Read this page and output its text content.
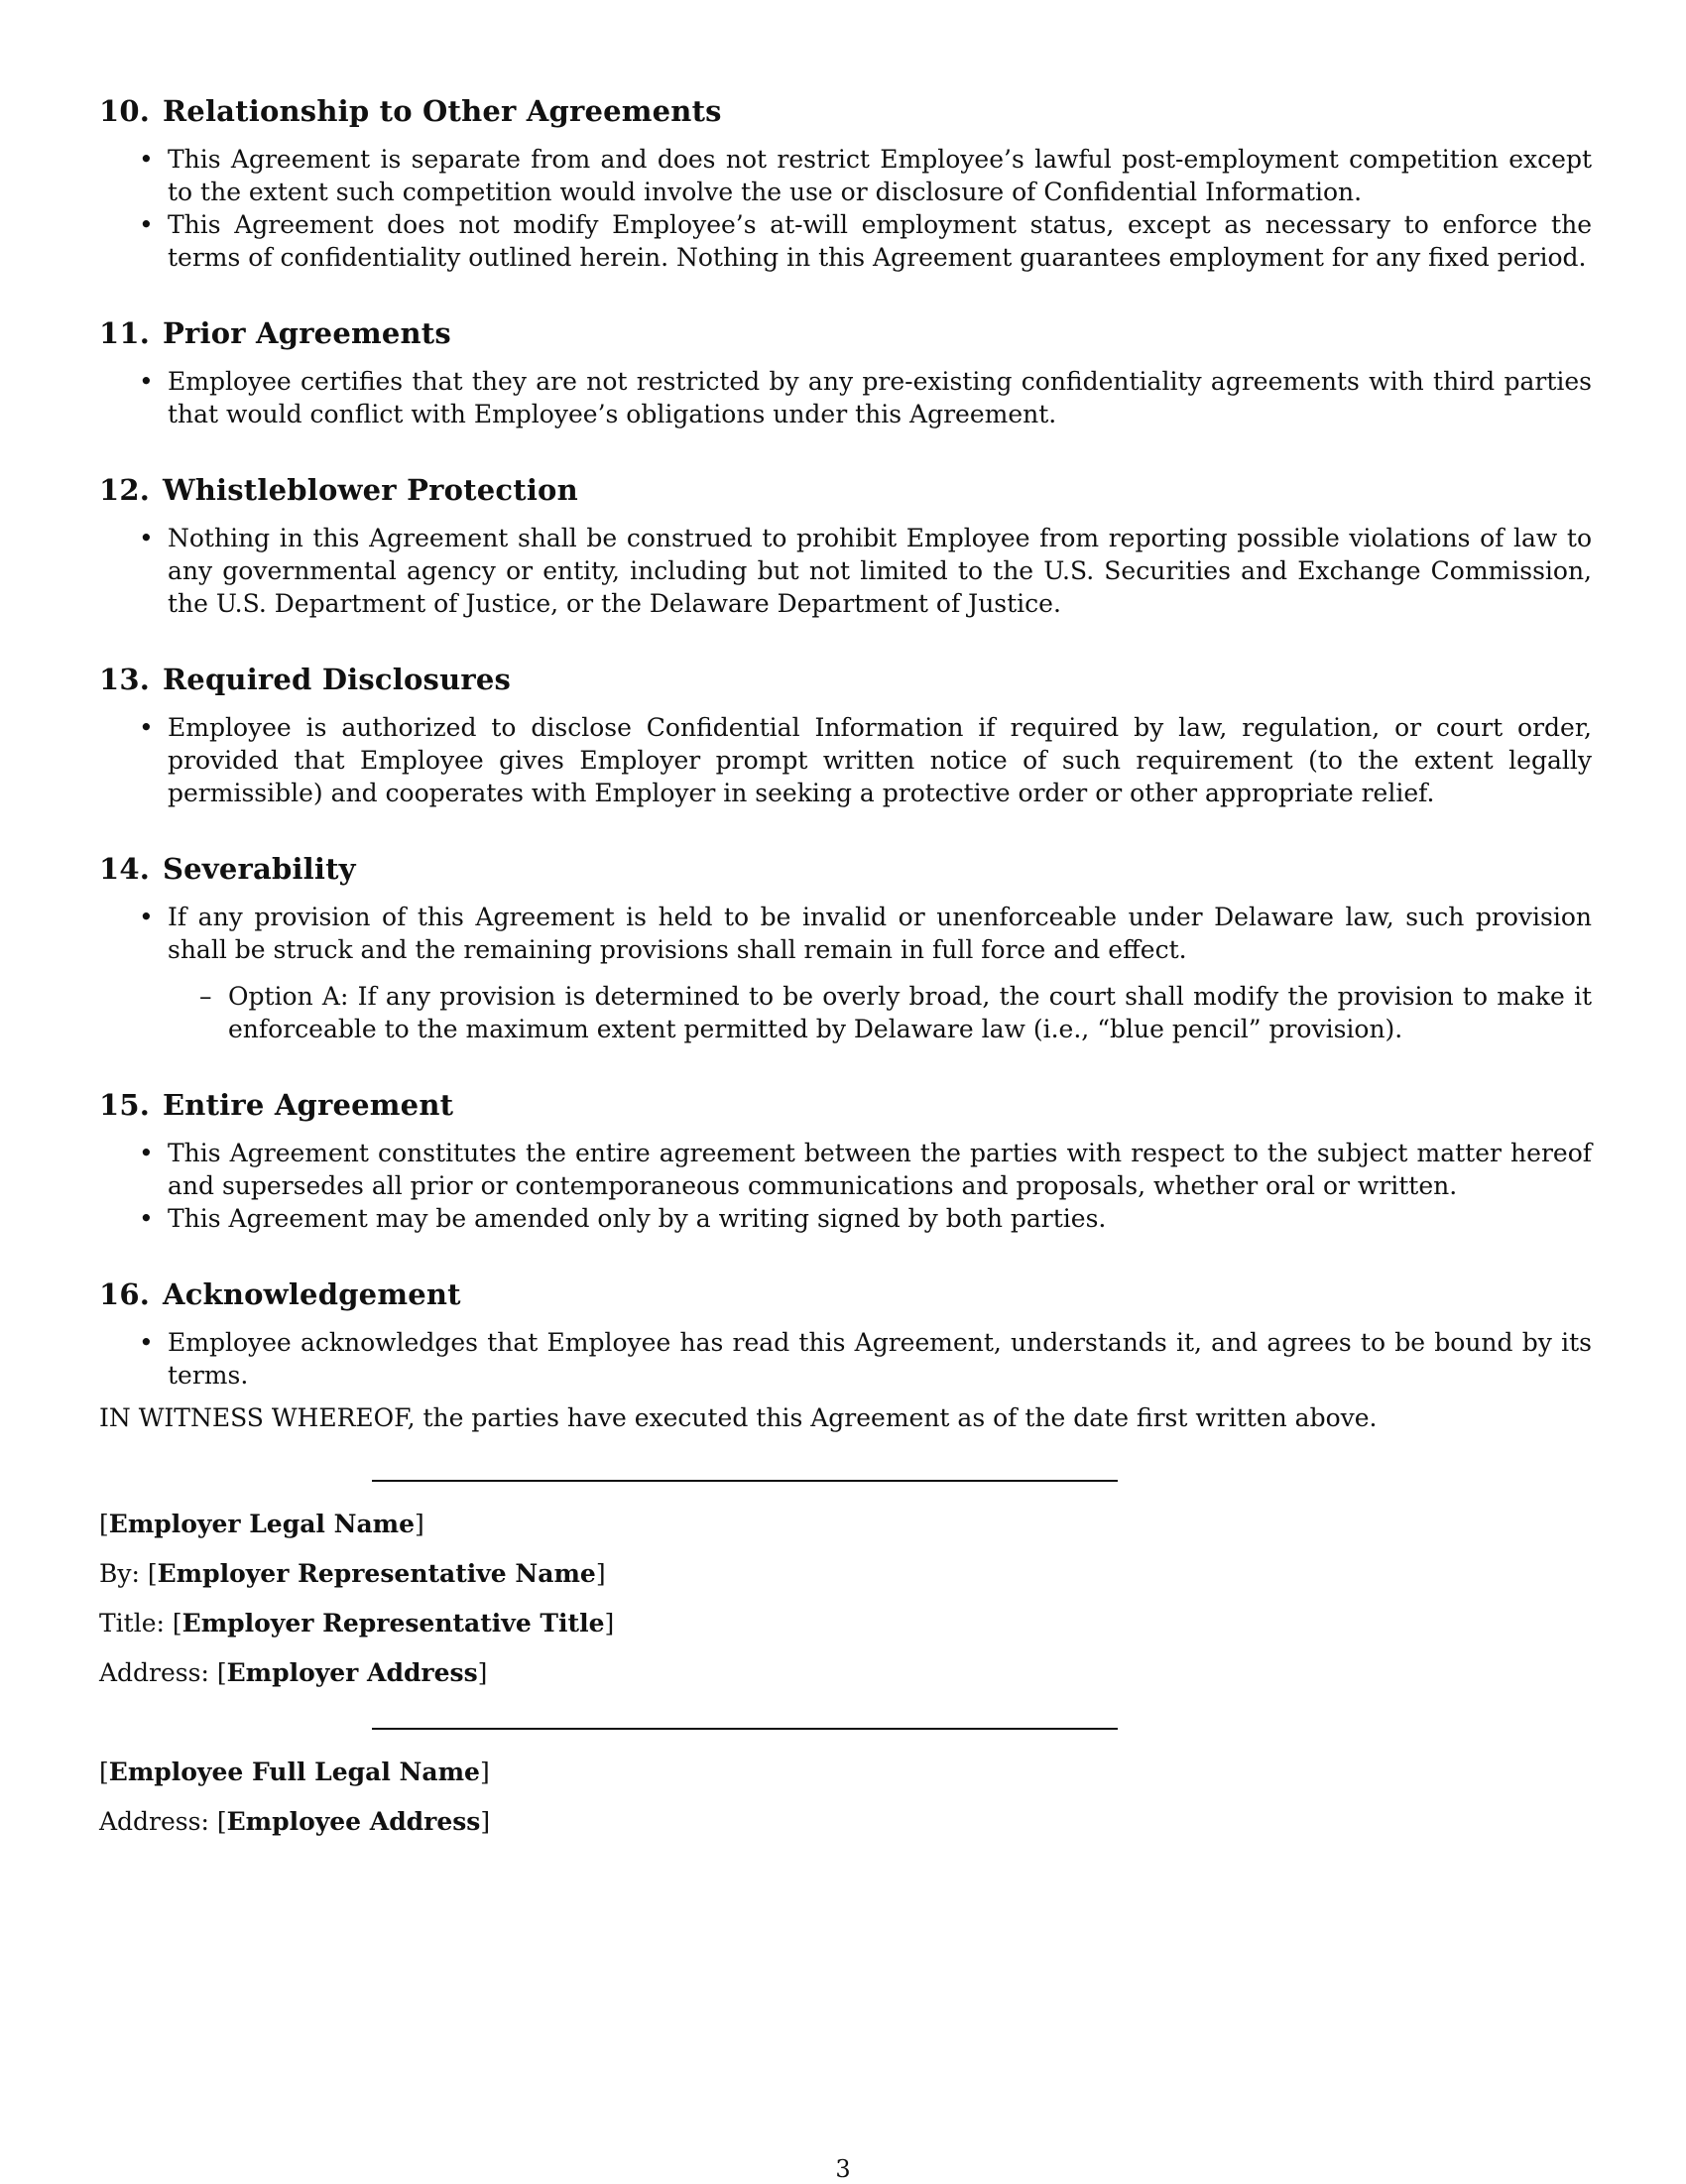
10. Relationship to Other Agreements
• This Agreement is separate from and does not restrict Employee’s lawful post-employment competition except to the extent such competition would involve the use or disclosure of Confidential Information.
• This Agreement does not modify Employee’s at-will employment status, except as necessary to enforce the terms of confidentiality outlined herein. Nothing in this Agreement guarantees employment for any fixed period.
11. Prior Agreements
• Employee certifies that they are not restricted by any pre-existing confidentiality agreements with third parties that would conflict with Employee’s obligations under this Agreement.
12. Whistleblower Protection
• Nothing in this Agreement shall be construed to prohibit Employee from reporting possible violations of law to any governmental agency or entity, including but not limited to the U.S. Securities and Exchange Commission, the U.S. Department of Justice, or the Delaware Department of Justice.
13. Required Disclosures
• Employee is authorized to disclose Confidential Information if required by law, regulation, or court order, provided that Employee gives Employer prompt written notice of such requirement (to the extent legally permissible) and cooperates with Employer in seeking a protective order or other appropriate relief.
14. Severability
• If any provision of this Agreement is held to be invalid or unenforceable under Delaware law, such provision shall be struck and the remaining provisions shall remain in full force and effect.
– Option A: If any provision is determined to be overly broad, the court shall modify the provision to make it enforceable to the maximum extent permitted by Delaware law (i.e., “blue pencil” provision).
15. Entire Agreement
• This Agreement constitutes the entire agreement between the parties with respect to the subject matter hereof and supersedes all prior or contemporaneous communications and proposals, whether oral or written.
• This Agreement may be amended only by a writing signed by both parties.
16. Acknowledgement
• Employee acknowledges that Employee has read this Agreement, understands it, and agrees to be bound by its terms.

IN WITNESS WHEREOF, the parties have executed this Agreement as of the date first written above.

[Employer Legal Name]
By: [Employer Representative Name]
Title: [Employer Representative Title]
Address: [Employer Address]
[Employee Full Legal Name]
Address: [Employee Address]
3
